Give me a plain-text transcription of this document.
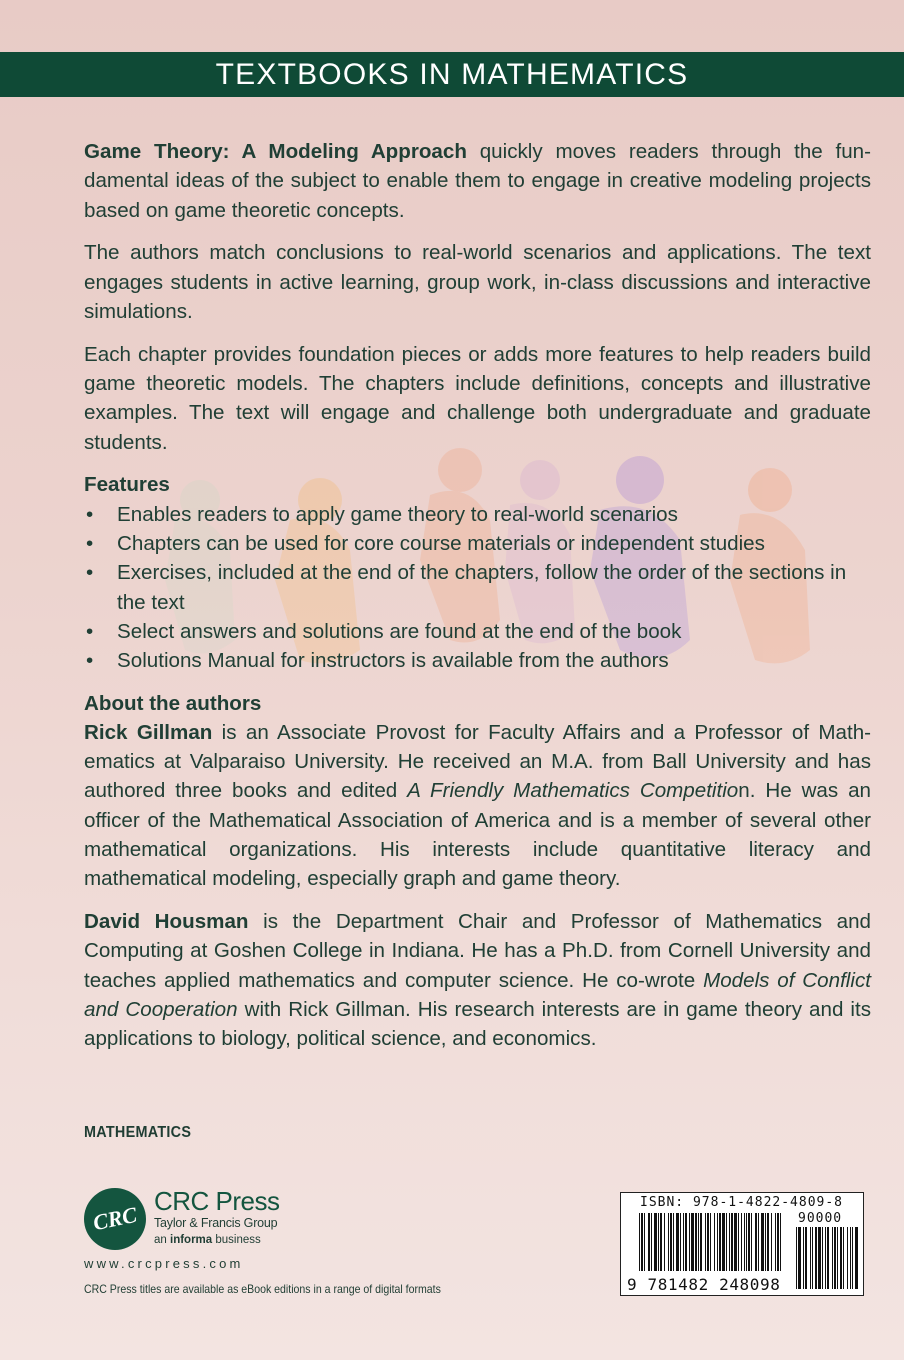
TEXTBOOKS IN MATHEMATICS

Game Theory: A Modeling Approach quickly moves readers through the fundamental ideas of the subject to enable them to engage in creative modeling projects based on game theoretic concepts.

The authors match conclusions to real-world scenarios and applications. The text engages students in active learning, group work, in-class discussions and interactive simulations.

Each chapter provides foundation pieces or adds more features to help readers build game theoretic models. The chapters include definitions, concepts and illustrative examples. The text will engage and challenge both undergraduate and graduate students.

Features
• Enables readers to apply game theory to real-world scenarios
• Chapters can be used for core course materials or independent studies
• Exercises, included at the end of the chapters, follow the order of the sections in the text
• Select answers and solutions are found at the end of the book
• Solutions Manual for instructors is available from the authors
About the authors

Rick Gillman is an Associate Provost for Faculty Affairs and a Professor of Mathematics at Valparaiso University. He received an M.A. from Ball University and has authored three books and edited A Friendly Mathematics Competition. He was an officer of the Mathematical Association of America and is a member of several other mathematical organizations. His interests include quantitative literacy and mathematical modeling, especially graph and game theory.

David Housman is the Department Chair and Professor of Mathematics and Computing at Goshen College in Indiana. He has a Ph.D. from Cornell University and teaches applied mathematics and computer science. He co-wrote Models of Conflict and Cooperation with Rick Gillman. His research interests are in game theory and its applications to biology, political science, and economics.

MATHEMATICS
CRC
CRC Press
Taylor & Francis Group
an informa business
www.crcpress.com
CRC Press titles are available as eBook editions in a range of digital formats
ISBN: 978-1-4822-4809-8
90000
9 781482 248098
